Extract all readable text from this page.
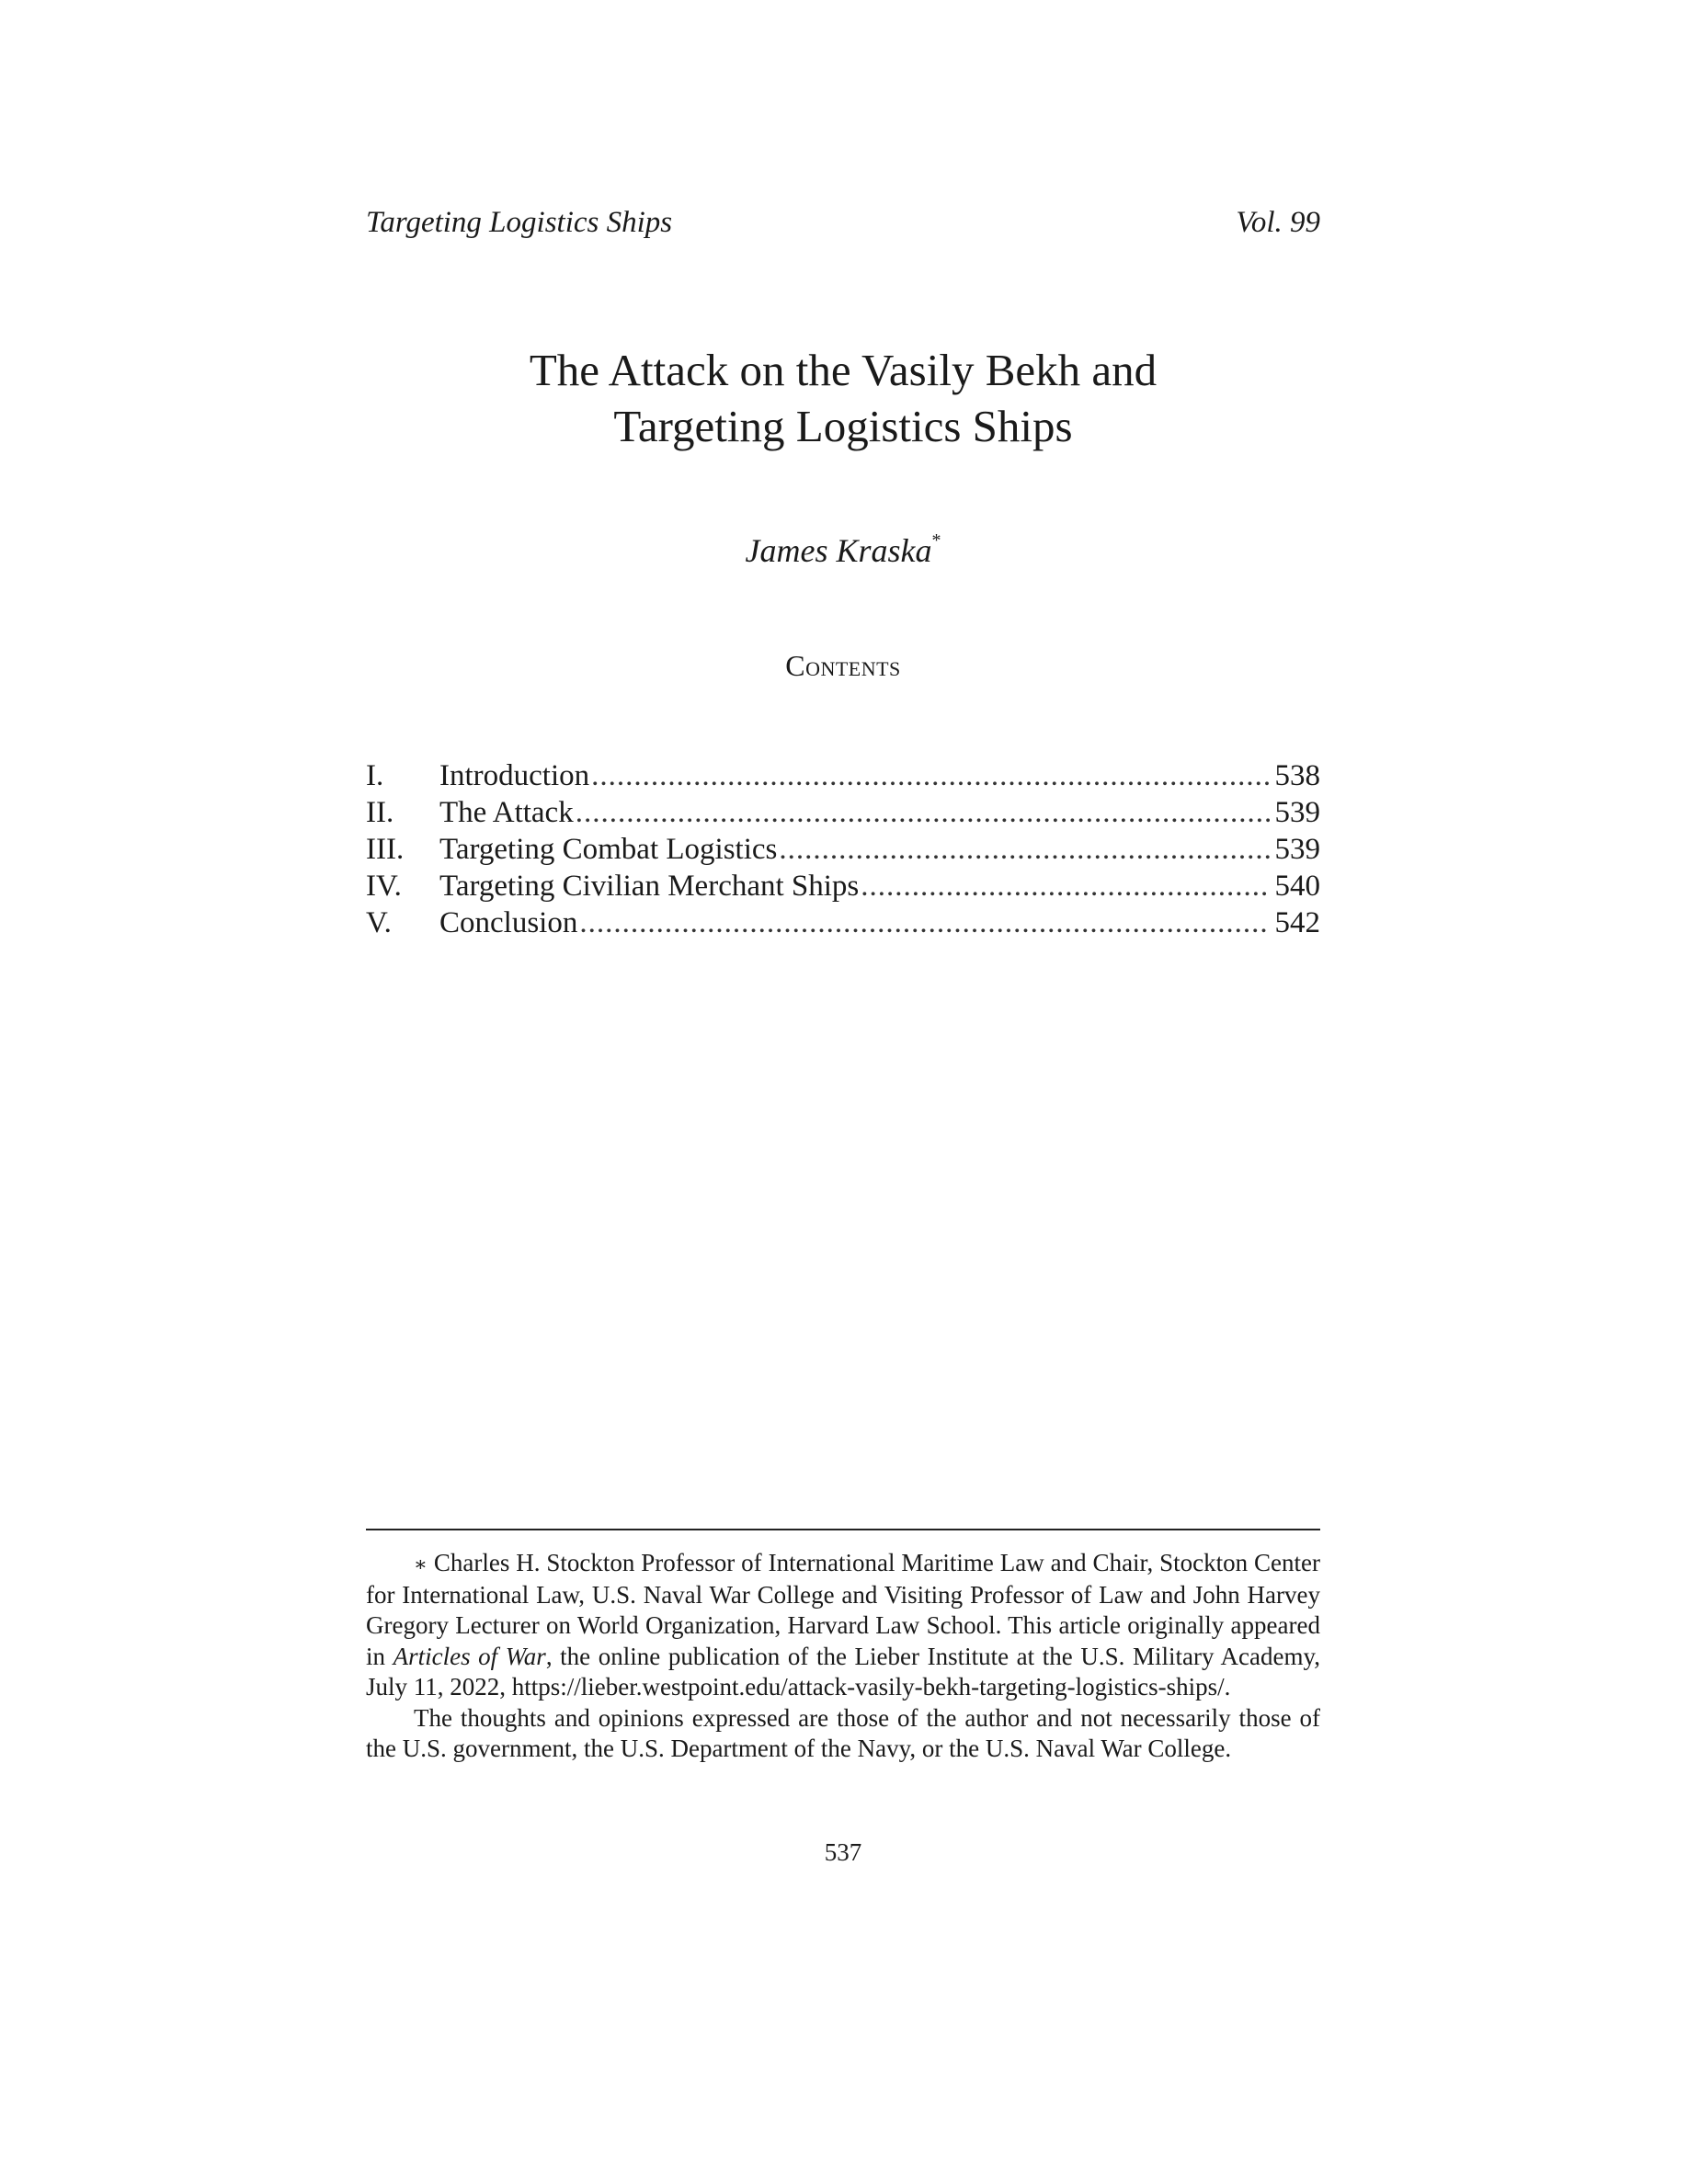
Targeting Logistics Ships	Vol. 99
The Attack on the Vasily Bekh and
Targeting Logistics Ships
James Kraska*
Contents
I.	Introduction .....	538
II.	The Attack .....	539
III.	Targeting Combat Logistics .....	539
IV.	Targeting Civilian Merchant Ships .....	540
V.	Conclusion .....	542

∗ Charles H. Stockton Professor of International Maritime Law and Chair, Stockton Center for International Law, U.S. Naval War College and Visiting Professor of Law and John Harvey Gregory Lecturer on World Organization, Harvard Law School. This article originally appeared in Articles of War, the online publication of the Lieber Institute at the U.S. Military Academy, July 11, 2022, https://lieber.westpoint.edu/attack-vasily-bekh-targeting-logistics-ships/.

The thoughts and opinions expressed are those of the author and not necessarily those of the U.S. government, the U.S. Department of the Navy, or the U.S. Naval War College.

537
